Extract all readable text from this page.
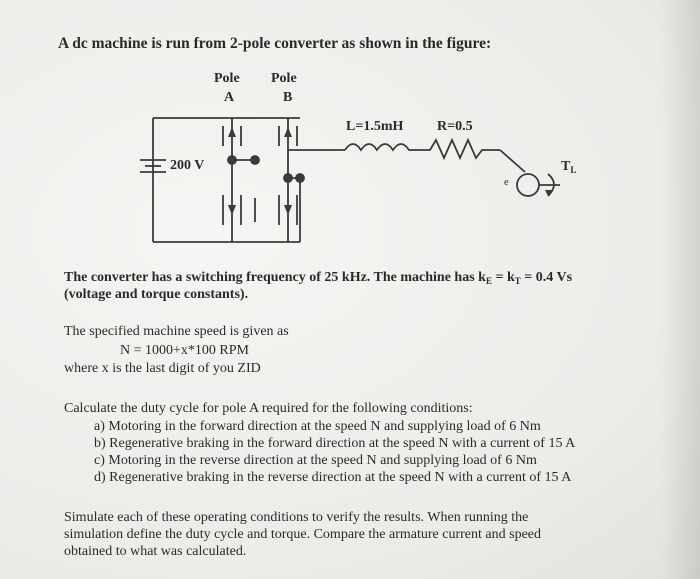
A dc machine is run from 2-pole converter as shown in the figure:
Pole
A
Pole
B
L=1.5mH R=0.5
200 V	$T_L$
e
The converter has a switching frequency of 25 kHz. The machine has $k_E = k_T = 0.4$ Vs
(voltage and torque constants).
The specified machine speed is given as
N = 1000+x*100 RPM
where x is the last digit of you ZID
Calculate the duty cycle for pole A required for the following conditions:
a) Motoring in the forward direction at the speed N and supplying load of 6 Nm
b) Regenerative braking in the forward direction at the speed N with a current of 15 A
c) Motoring in the reverse direction at the speed N and supplying load of 6 Nm
d) Regenerative braking in the reverse direction at the speed N with a current of 15 A
Simulate each of these operating conditions to verify the results. When running the
simulation define the duty cycle and torque. Compare the armature current and speed
obtained to what was calculated.
